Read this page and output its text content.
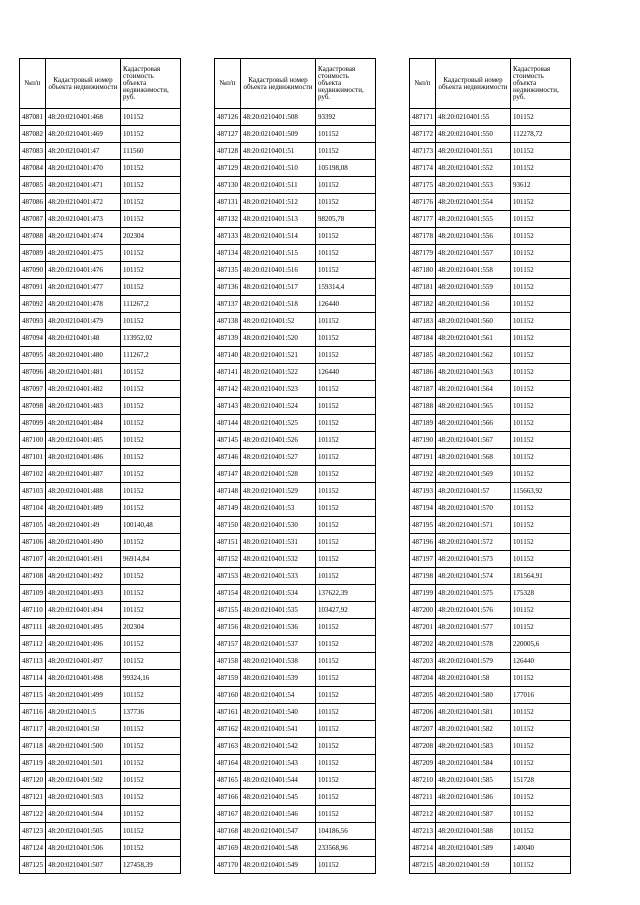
№п/п	Кадастровый номер объекта недвижимости	Кадастровая стоимость объекта недвижимости, руб.
487081	48:20:0210401:468	101152
487082	48:20:0210401:469	101152
487083	48:20:0210401:47	111560
487084	48:20:0210401:470	101152
487085	48:20:0210401:471	101152
487086	48:20:0210401:472	101152
487087	48:20:0210401:473	101152
487088	48:20:0210401:474	202304
487089	48:20:0210401:475	101152
487090	48:20:0210401:476	101152
487091	48:20:0210401:477	101152
487092	48:20:0210401:478	111267,2
487093	48:20:0210401:479	101152
487094	48:20:0210401:48	113952,02
487095	48:20:0210401:480	111267,2
487096	48:20:0210401:481	101152
487097	48:20:0210401:482	101152
487098	48:20:0210401:483	101152
487099	48:20:0210401:484	101152
487100	48:20:0210401:485	101152
487101	48:20:0210401:486	101152
487102	48:20:0210401:487	101152
487103	48:20:0210401:488	101152
487104	48:20:0210401:489	101152
487105	48:20:0210401:49	100140,48
487106	48:20:0210401:490	101152
487107	48:20:0210401:491	96914,84
487108	48:20:0210401:492	101152
487109	48:20:0210401:493	101152
487110	48:20:0210401:494	101152
487111	48:20:0210401:495	202304
487112	48:20:0210401:496	101152
487113	48:20:0210401:497	101152
487114	48:20:0210401:498	99324,16
487115	48:20:0210401:499	101152
487116	48:20:0210401:5	137736
487117	48:20:0210401:50	101152
487118	48:20:0210401:500	101152
487119	48:20:0210401:501	101152
487120	48:20:0210401:502	101152
487121	48:20:0210401:503	101152
487122	48:20:0210401:504	101152
487123	48:20:0210401:505	101152
487124	48:20:0210401:506	101152
487125	48:20:0210401:507	127458,39
№п/п	Кадастровый номер объекта недвижимости	Кадастровая стоимость объекта недвижимости, руб.
487126	48:20:0210401:508	93392
487127	48:20:0210401:509	101152
487128	48:20:0210401:51	101152
487129	48:20:0210401:510	105198,08
487130	48:20:0210401:511	101152
487131	48:20:0210401:512	101152
487132	48:20:0210401:513	98205,78
487133	48:20:0210401:514	101152
487134	48:20:0210401:515	101152
487135	48:20:0210401:516	101152
487136	48:20:0210401:517	159314,4
487137	48:20:0210401:518	126440
487138	48:20:0210401:52	101152
487139	48:20:0210401:520	101152
487140	48:20:0210401:521	101152
487141	48:20:0210401:522	126440
487142	48:20:0210401:523	101152
487143	48:20:0210401:524	101152
487144	48:20:0210401:525	101152
487145	48:20:0210401:526	101152
487146	48:20:0210401:527	101152
487147	48:20:0210401:528	101152
487148	48:20:0210401:529	101152
487149	48:20:0210401:53	101152
487150	48:20:0210401:530	101152
487151	48:20:0210401:531	101152
487152	48:20:0210401:532	101152
487153	48:20:0210401:533	101152
487154	48:20:0210401:534	137622,39
487155	48:20:0210401:535	103427,92
487156	48:20:0210401:536	101152
487157	48:20:0210401:537	101152
487158	48:20:0210401:538	101152
487159	48:20:0210401:539	101152
487160	48:20:0210401:54	101152
487161	48:20:0210401:540	101152
487162	48:20:0210401:541	101152
487163	48:20:0210401:542	101152
487164	48:20:0210401:543	101152
487165	48:20:0210401:544	101152
487166	48:20:0210401:545	101152
487167	48:20:0210401:546	101152
487168	48:20:0210401:547	104186,56
487169	48:20:0210401:548	233568,96
487170	48:20:0210401:549	101152
№п/п	Кадастровый номер объекта недвижимости	Кадастровая стоимость объекта недвижимости, руб.
487171	48:20:0210401:55	101152
487172	48:20:0210401:550	112278,72
487173	48:20:0210401:551	101152
487174	48:20:0210401:552	101152
487175	48:20:0210401:553	93612
487176	48:20:0210401:554	101152
487177	48:20:0210401:555	101152
487178	48:20:0210401:556	101152
487179	48:20:0210401:557	101152
487180	48:20:0210401:558	101152
487181	48:20:0210401:559	101152
487182	48:20:0210401:56	101152
487183	48:20:0210401:560	101152
487184	48:20:0210401:561	101152
487185	48:20:0210401:562	101152
487186	48:20:0210401:563	101152
487187	48:20:0210401:564	101152
487188	48:20:0210401:565	101152
487189	48:20:0210401:566	101152
487190	48:20:0210401:567	101152
487191	48:20:0210401:568	101152
487192	48:20:0210401:569	101152
487193	48:20:0210401:57	115663,92
487194	48:20:0210401:570	101152
487195	48:20:0210401:571	101152
487196	48:20:0210401:572	101152
487197	48:20:0210401:573	101152
487198	48:20:0210401:574	181564,91
487199	48:20:0210401:575	175328
487200	48:20:0210401:576	101152
487201	48:20:0210401:577	101152
487202	48:20:0210401:578	220005,6
487203	48:20:0210401:579	126440
487204	48:20:0210401:58	101152
487205	48:20:0210401:580	177016
487206	48:20:0210401:581	101152
487207	48:20:0210401:582	101152
487208	48:20:0210401:583	101152
487209	48:20:0210401:584	101152
487210	48:20:0210401:585	151728
487211	48:20:0210401:586	101152
487212	48:20:0210401:587	101152
487213	48:20:0210401:588	101152
487214	48:20:0210401:589	140040
487215	48:20:0210401:59	101152
